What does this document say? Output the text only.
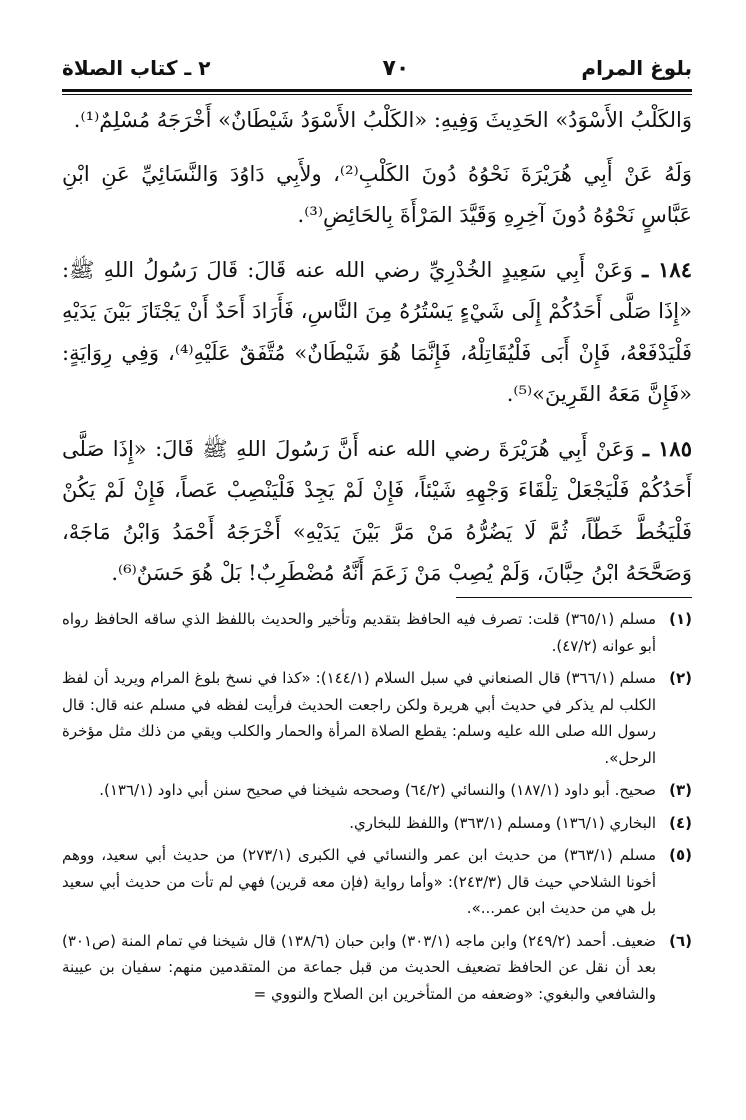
بلوغ المرام
٧٠
٢ ـ كتاب الصلاة

وَالكَلْبُ الأَسْوَدُ» الحَدِيثَ وَفِيهِ: «الكَلْبُ الأَسْوَدُ شَيْطَانٌ» أَخْرَجَهُ مُسْلِمٌ⁽¹⁾.

وَلَهُ عَنْ أَبِي هُرَيْرَةَ نَحْوُهُ دُونَ الكَلْبِ⁽²⁾، ولأَبِي دَاوُدَ وَالنَّسَائِيِّ عَنِ ابْنِ عَبَّاسٍ نَحْوُهُ دُونَ آخِرِهِ وَقَيَّدَ المَرْأَةَ بِالحَائِضِ⁽³⁾.

١٨٤ ـ وَعَنْ أَبِي سَعِيدٍ الخُدْرِيِّ رضي الله عنه قَالَ: قَالَ رَسُولُ اللهِ ﷺ: «إِذَا صَلَّى أَحَدُكُمْ إِلَى شَيْءٍ يَسْتُرُهُ مِنَ النَّاسِ، فَأَرَادَ أَحَدٌ أَنْ يَجْتَازَ بَيْنَ يَدَيْهِ فَلْيَدْفَعْهُ، فَإِنْ أَبَى فَلْيُقَاتِلْهُ، فَإِنَّمَا هُوَ شَيْطَانٌ» مُتَّفَقٌ عَلَيْهِ⁽⁴⁾، وَفِي رِوَايَةٍ: «فَإِنَّ مَعَهُ القَرِينَ»⁽⁵⁾.

١٨٥ ـ وَعَنْ أَبِي هُرَيْرَةَ رضي الله عنه أَنَّ رَسُولَ اللهِ ﷺ قَالَ: «إِذَا صَلَّى أَحَدُكُمْ فَلْيَجْعَلْ تِلْقَاءَ وَجْهِهِ شَيْئاً، فَإِنْ لَمْ يَجِدْ فَلْيَنْصِبْ عَصاً، فَإِنْ لَمْ يَكُنْ فَلْيَخُطَّ خَطّاً، ثُمَّ لَا يَضُرُّهُ مَنْ مَرَّ بَيْنَ يَدَيْهِ» أَخْرَجَهُ أَحْمَدُ وَابْنُ مَاجَهْ، وَصَحَّحَهُ ابْنُ حِبَّانَ، وَلَمْ يُصِبْ مَنْ زَعَمَ أَنَّهُ مُضْطَرِبٌ! بَلْ هُوَ حَسَنٌ⁽⁶⁾.

(١)
مسلم (٣٦٥/١) قلت: تصرف فيه الحافظ بتقديم وتأخير والحديث باللفظ الذي ساقه الحافظ رواه أبو عوانه (٤٧/٢).
(٢)
مسلم (٣٦٦/١) قال الصنعاني في سبل السلام (١٤٤/١): «كذا في نسخ بلوغ المرام ويريد أن لفظ الكلب لم يذكر في حديث أبي هريرة ولكن راجعت الحديث فرأيت لفظه في مسلم عنه قال: قال رسول الله صلى الله عليه وسلم: يقطع الصلاة المرأة والحمار والكلب ويقي من ذلك مثل مؤخرة الرحل».
(٣)
صحيح. أبو داود (١٨٧/١) والنسائي (٦٤/٢) وصححه شيخنا في صحيح سنن أبي داود (١٣٦/١).
(٤)
البخاري (١٣٦/١) ومسلم (٣٦٣/١) واللفظ للبخاري.
(٥)
مسلم (٣٦٣/١) من حديث ابن عمر والنسائي في الكبرى (٢٧٣/١) من حديث أبي سعيد، ووهم أخونا الشلاحي حيث قال (٢٤٣/٣): «وأما رواية (فإن معه قرين) فهي لم تأت من حديث أبي سعيد بل هي من حديث ابن عمر...».
(٦)
ضعيف. أحمد (٢٤٩/٢) وابن ماجه (٣٠٣/١) وابن حبان (١٣٨/٦) قال شيخنا في تمام المنة (ص٣٠١) بعد أن نقل عن الحافظ تضعيف الحديث من قبل جماعة من المتقدمين منهم: سفيان بن عيينة والشافعي والبغوي: «وضعفه من المتأخرين ابن الصلاح والنووي =
